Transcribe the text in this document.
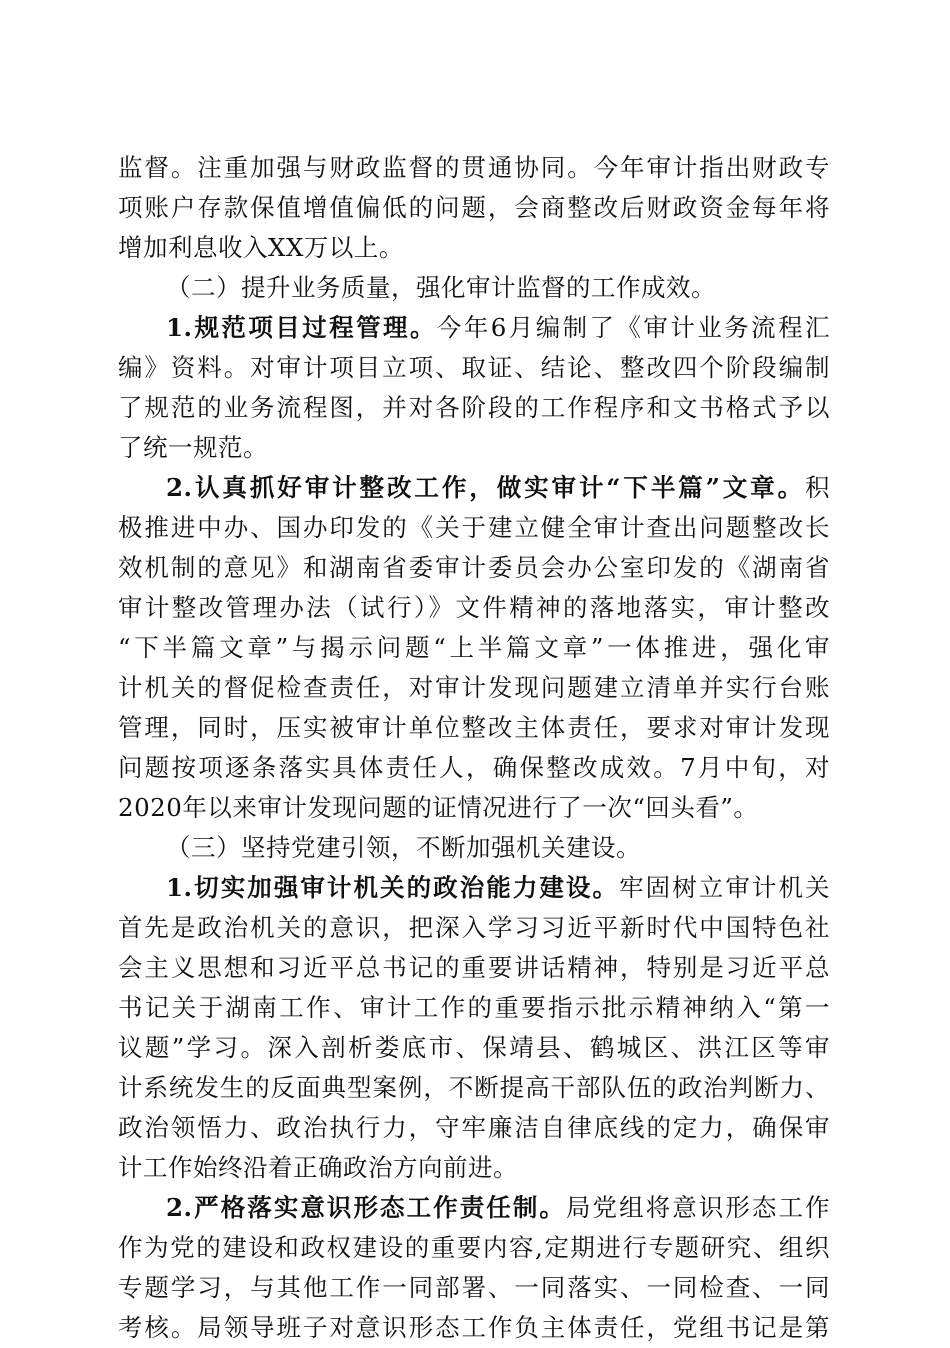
监督。注重加强与财政监督的贯通协同。今年审计指出财政专
项账户存款保值增值偏低的问题，会商整改后财政资金每年将
增加利息收入XX万以上。
（二）提升业务质量，强化审计监督的工作成效。
1.规范项目过程管理。今年6月编制了《审计业务流程汇
编》资料。对审计项目立项、取证、结论、整改四个阶段编制
了规范的业务流程图，并对各阶段的工作程序和文书格式予以
了统一规范。
2.认真抓好审计整改工作，做实审计“下半篇”文章。积
极推进中办、国办印发的《关于建立健全审计查出问题整改长
效机制的意见》和湖南省委审计委员会办公室印发的《湖南省
审计整改管理办法（试行）》文件精神的落地落实，审计整改
“下半篇文章”与揭示问题“上半篇文章”一体推进，强化审
计机关的督促检查责任，对审计发现问题建立清单并实行台账
管理，同时，压实被审计单位整改主体责任，要求对审计发现
问题按项逐条落实具体责任人，确保整改成效。7月中旬，对
2020年以来审计发现问题的证情况进行了一次“回头看”。
（三）坚持党建引领，不断加强机关建设。
1.切实加强审计机关的政治能力建设。牢固树立审计机关
首先是政治机关的意识，把深入学习习近平新时代中国特色社
会主义思想和习近平总书记的重要讲话精神，特别是习近平总
书记关于湖南工作、审计工作的重要指示批示精神纳入“第一
议题”学习。深入剖析娄底市、保靖县、鹤城区、洪江区等审
计系统发生的反面典型案例，不断提高干部队伍的政治判断力、
政治领悟力、政治执行力，守牢廉洁自律底线的定力，确保审
计工作始终沿着正确政治方向前进。
2.严格落实意识形态工作责任制。局党组将意识形态工作
作为党的建设和政权建设的重要内容,定期进行专题研究、组织
专题学习，与其他工作一同部署、一同落实、一同检查、一同
考核。局领导班子对意识形态工作负主体责任，党组书记是第
